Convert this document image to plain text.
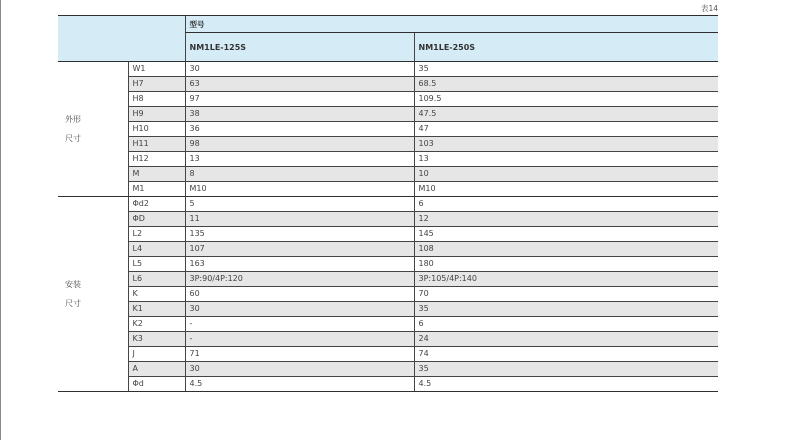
表14
		型号	
		NM1LE-125S	NM1LE-250S

外形
尺寸	W1	30	35
	H7	63	68.5
	H8	97	109.5
	H9	38	47.5
	H10	36	47
	H11	98	103
	H12	13	13
	M	8	10
	M1	M10	M10

安装
尺寸	Φd2	5	6
	ΦD	11	12
	L2	135	145
	L4	107	108
	L5	163	180
	L6	3P:90/4P:120	3P:105/4P:140
	K	60	70
	K1	30	35
	K2	-	6
	K3	-	24
	J	71	74
	A	30	35
	Φd	4.5	4.5
